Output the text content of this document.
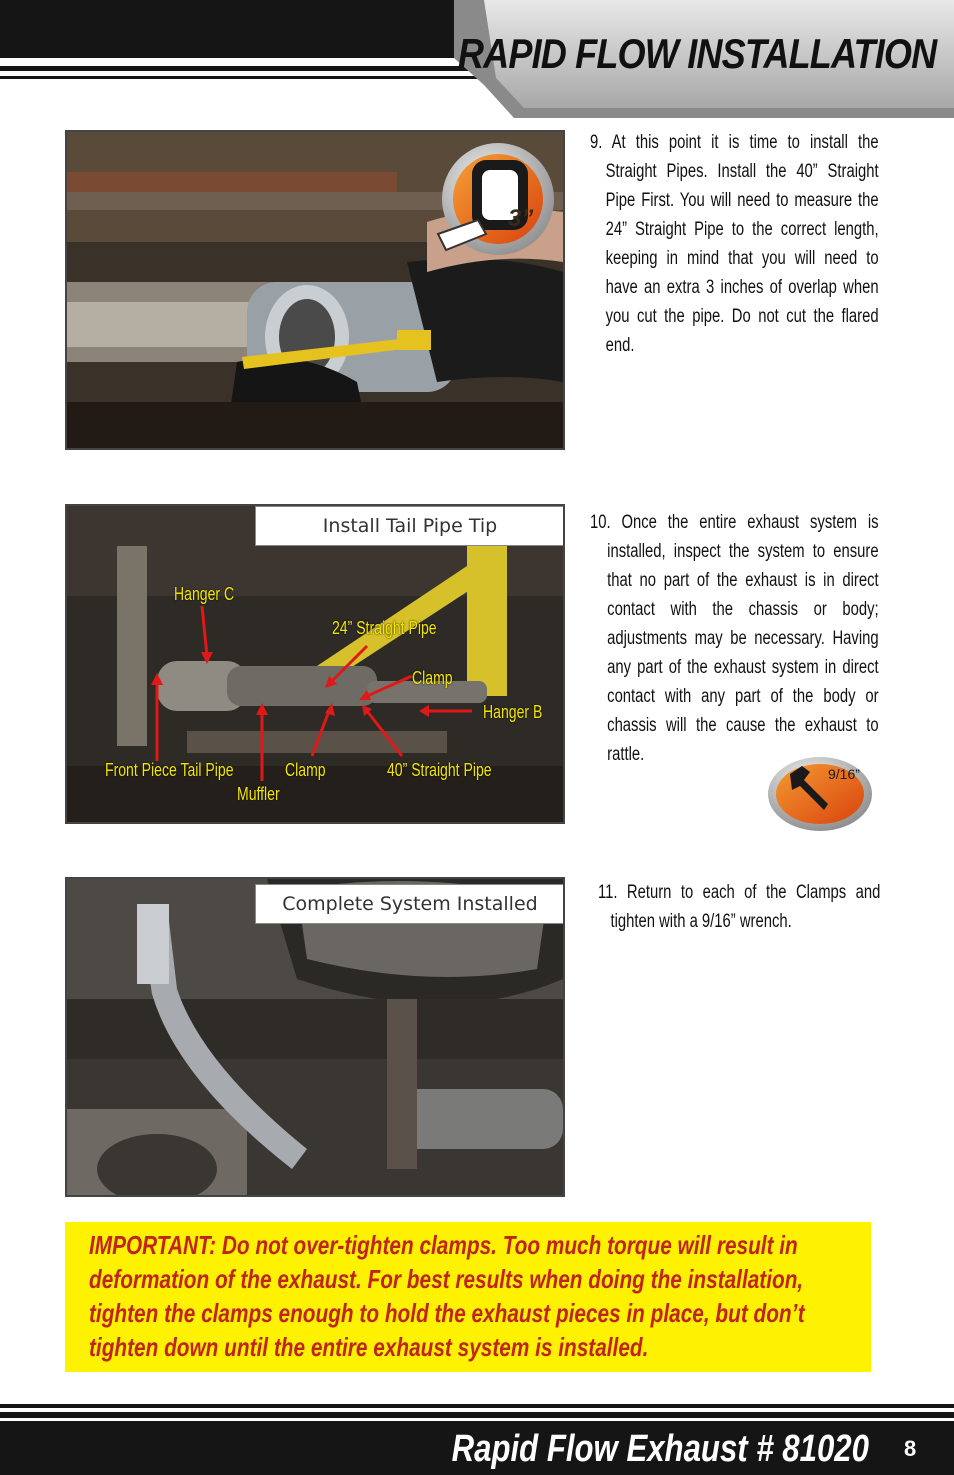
RAPID FLOW INSTALLATION
3”
9. At this point it is time to install the Straight Pipes. Install the 40” Straight Pipe First. You will need to measure the 24” Straight Pipe to the correct length, keeping in mind that you will need to have an extra 3 inches of overlap when you cut the pipe. Do not cut the flared end.
Install Tail Pipe Tip
Hanger C
24” Straight Pipe
Clamp
Hanger B
Front Piece Tail Pipe	Clamp	40” Straight Pipe
Muffler
10. Once the entire exhaust system is installed, inspect the system to ensure that no part of the exhaust is in direct contact with the chassis or body; adjustments may be necessary. Having any part of the exhaust system in direct contact with any part of the body or chassis will the cause the exhaust to rattle.
9/16”
Complete System Installed
11. Return to each of the Clamps and tighten with a 9/16” wrench.

IMPORTANT: Do not over-tighten clamps. Too much torque will result in deformation of the exhaust. For best results when doing the installation, tighten the clamps enough to hold the exhaust pieces in place, but don’t tighten down until the entire exhaust system is installed.

Rapid Flow Exhaust # 81020 8
